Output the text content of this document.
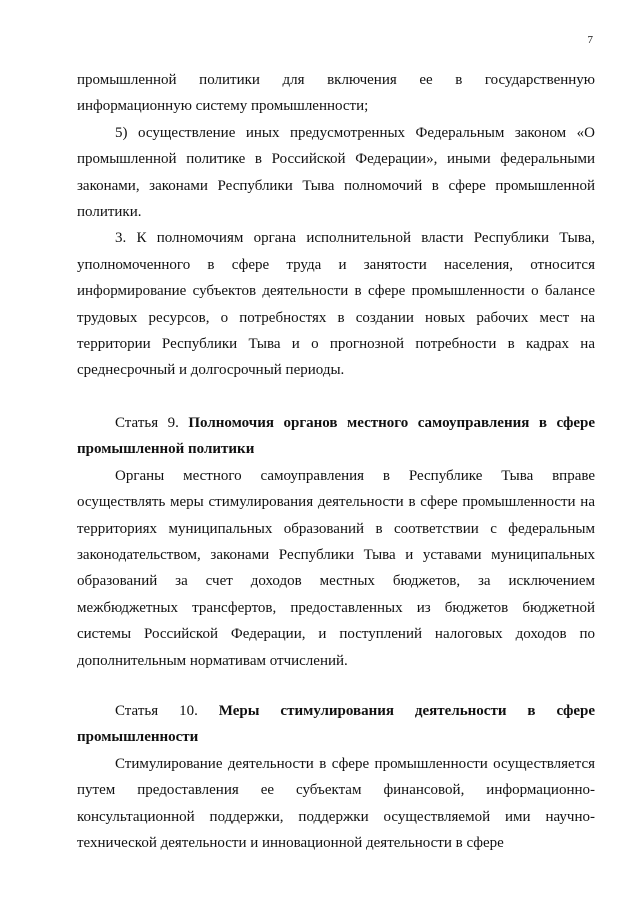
7

промышленной политики для включения ее в государственную информационную систему промышленности;

5) осуществление иных предусмотренных Федеральным законом «О промышленной политике в Российской Федерации», иными федеральными законами, законами Республики Тыва полномочий в сфере промышленной политики.

3. К полномочиям органа исполнительной власти Республики Тыва, уполномоченного в сфере труда и занятости населения, относится информирование субъектов деятельности в сфере промышленности о балансе трудовых ресурсов, о потребностях в создании новых рабочих мест на территории Республики Тыва и о прогнозной потребности в кадрах на среднесрочный и долгосрочный периоды.

Статья 9. Полномочия органов местного самоуправления в сфере промышленной политики

Органы местного самоуправления в Республике Тыва вправе осуществлять меры стимулирования деятельности в сфере промышленности на территориях муниципальных образований в соответствии с федеральным законодательством, законами Республики Тыва и уставами муниципальных образований за счет доходов местных бюджетов, за исключением межбюджетных трансфертов, предоставленных из бюджетов бюджетной системы Российской Федерации, и поступлений налоговых доходов по дополнительным нормативам отчислений.

Статья 10. Меры стимулирования деятельности в сфере промышленности

Стимулирование деятельности в сфере промышленности осуществляется путем предоставления ее субъектам финансовой, информационно-консультационной поддержки, поддержки осуществляемой ими научно-технической деятельности и инновационной деятельности в сфере
